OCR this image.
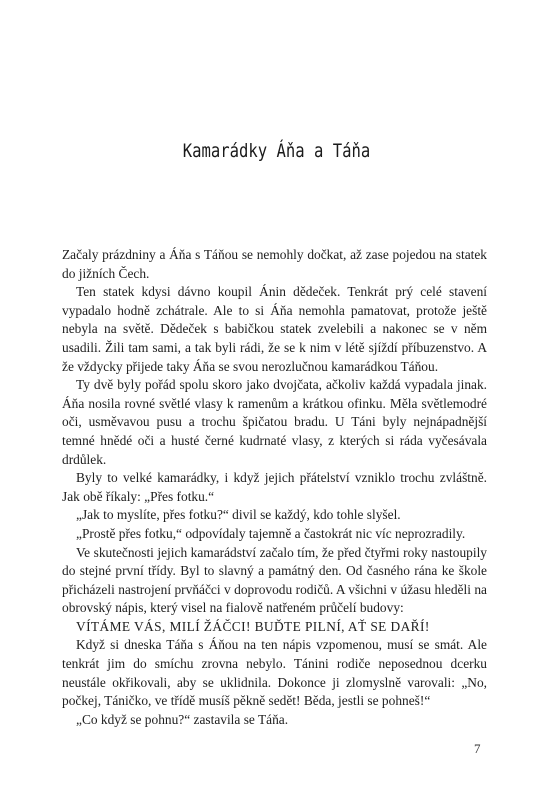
Kamarádky Áňa a Táňa

Začaly prázdniny a Áňa s Táňou se nemohly dočkat, až zase pojedou na statek do jižních Čech.

Ten statek kdysi dávno koupil Ánin dědeček. Tenkrát prý celé stavení vypadalo hodně zchátrale. Ale to si Áňa nemohla pamatovat, protože ještě nebyla na světě. Dědeček s babičkou statek zvelebili a nakonec se v něm usadili. Žili tam sami, a tak byli rádi, že se k nim v létě sjíždí příbuzenstvo. A že vždycky přijede taky Áňa se svou nerozlučnou kamarádkou Táňou.

Ty dvě byly pořád spolu skoro jako dvojčata, ačkoliv každá vypadala jinak. Áňa nosila rovné světlé vlasy k ramenům a krátkou ofinku. Měla světlemodré oči, usměvavou pusu a trochu špičatou bradu. U Táni byly nejnápadnější temné hnědé oči a husté černé kudrnaté vlasy, z kterých si ráda vyčesávala drdůlek.

Byly to velké kamarádky, i když jejich přátelství vzniklo trochu zvláštně. Jak obě říkaly: „Přes fotku.“

„Jak to myslíte, přes fotku?“ divil se každý, kdo tohle slyšel.

„Prostě přes fotku,“ odpovídaly tajemně a častokrát nic víc neprozradily.

Ve skutečnosti jejich kamarádství začalo tím, že před čtyřmi roky nastoupily do stejné první třídy. Byl to slavný a památný den. Od časného rána ke škole přicházeli nastrojení prvňáčci v doprovodu rodičů. A všichni v úžasu hleděli na obrovský nápis, který visel na fialově natřeném průčelí budovy:

VÍTÁME VÁS, MILÍ ŽÁČCI! BUĎTE PILNÍ, AŤ SE DAŘÍ!

Když si dneska Táňa s Áňou na ten nápis vzpomenou, musí se smát. Ale tenkrát jim do smíchu zrovna nebylo. Tánini rodiče neposednou dcerku neustále okřikovali, aby se uklidnila. Dokonce ji zlomyslně varovali: „No, počkej, Táničko, ve třídě musíš pěkně sedět! Běda, jestli se pohneš!“

„Co když se pohnu?“ zastavila se Táňa.

7
